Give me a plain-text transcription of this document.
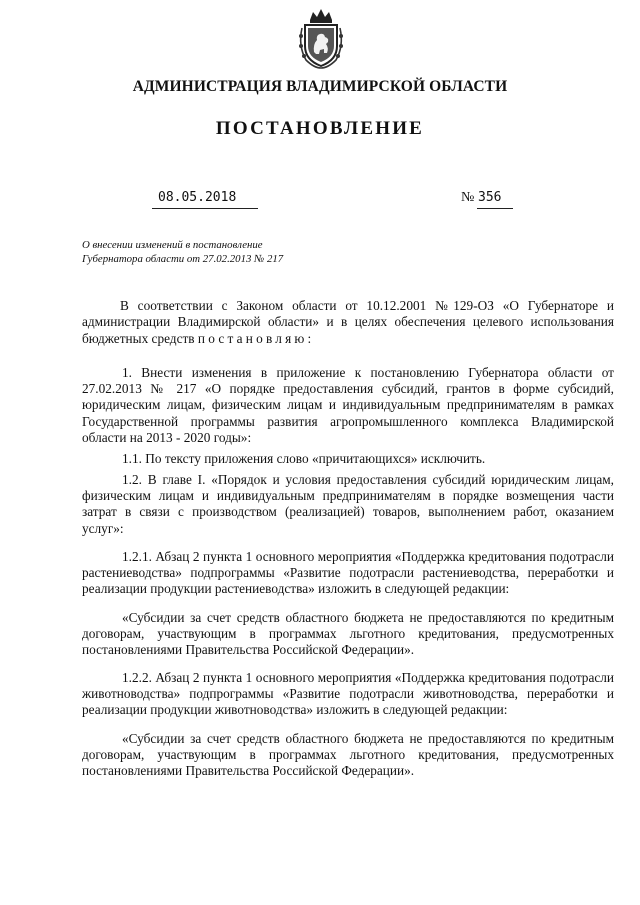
АДМИНИСТРАЦИЯ ВЛАДИМИРСКОЙ ОБЛАСТИ
ПОСТАНОВЛЕНИЕ
08.05.2018	№ 356
О внесении изменений в постановление
Губернатора области от 27.02.2013 № 217

В соответствии с Законом области от 10.12.2001 №129-ОЗ «О Губернаторе и администрации Владимирской области» и в целях обеспечения целевого использования бюджетных средств постановляю:

1. Внести изменения в приложение к постановлению Губернатора области от 27.02.2013 № 217 «О порядке предоставления субсидий, грантов в форме субсидий, юридическим лицам, физическим лицам и индивидуальным предпринимателям в рамках Государственной программы развития агропромышленного комплекса Владимирской области на 2013 - 2020 годы»:

1.1. По тексту приложения слово «причитающихся» исключить.

1.2. В главе I. «Порядок и условия предоставления субсидий юридическим лицам, физическим лицам и индивидуальным предпринимателям в порядке возмещения части затрат в связи с производством (реализацией) товаров, выполнением работ, оказанием услуг»:

1.2.1. Абзац 2 пункта 1 основного мероприятия «Поддержка кредитования подотрасли растениеводства» подпрограммы «Развитие подотрасли растениеводства, переработки и реализации продукции растениеводства» изложить в следующей редакции:

«Субсидии за счет средств областного бюджета не предоставляются по кредитным договорам, участвующим в программах льготного кредитования, предусмотренных постановлениями Правительства Российской Федерации».

1.2.2. Абзац 2 пункта 1 основного мероприятия «Поддержка кредитования подотрасли животноводства» подпрограммы «Развитие подотрасли животноводства, переработки и реализации продукции животноводства» изложить в следующей редакции:

«Субсидии за счет средств областного бюджета не предоставляются по кредитным договорам, участвующим в программах льготного кредитования, предусмотренных постановлениями Правительства Российской Федерации».
